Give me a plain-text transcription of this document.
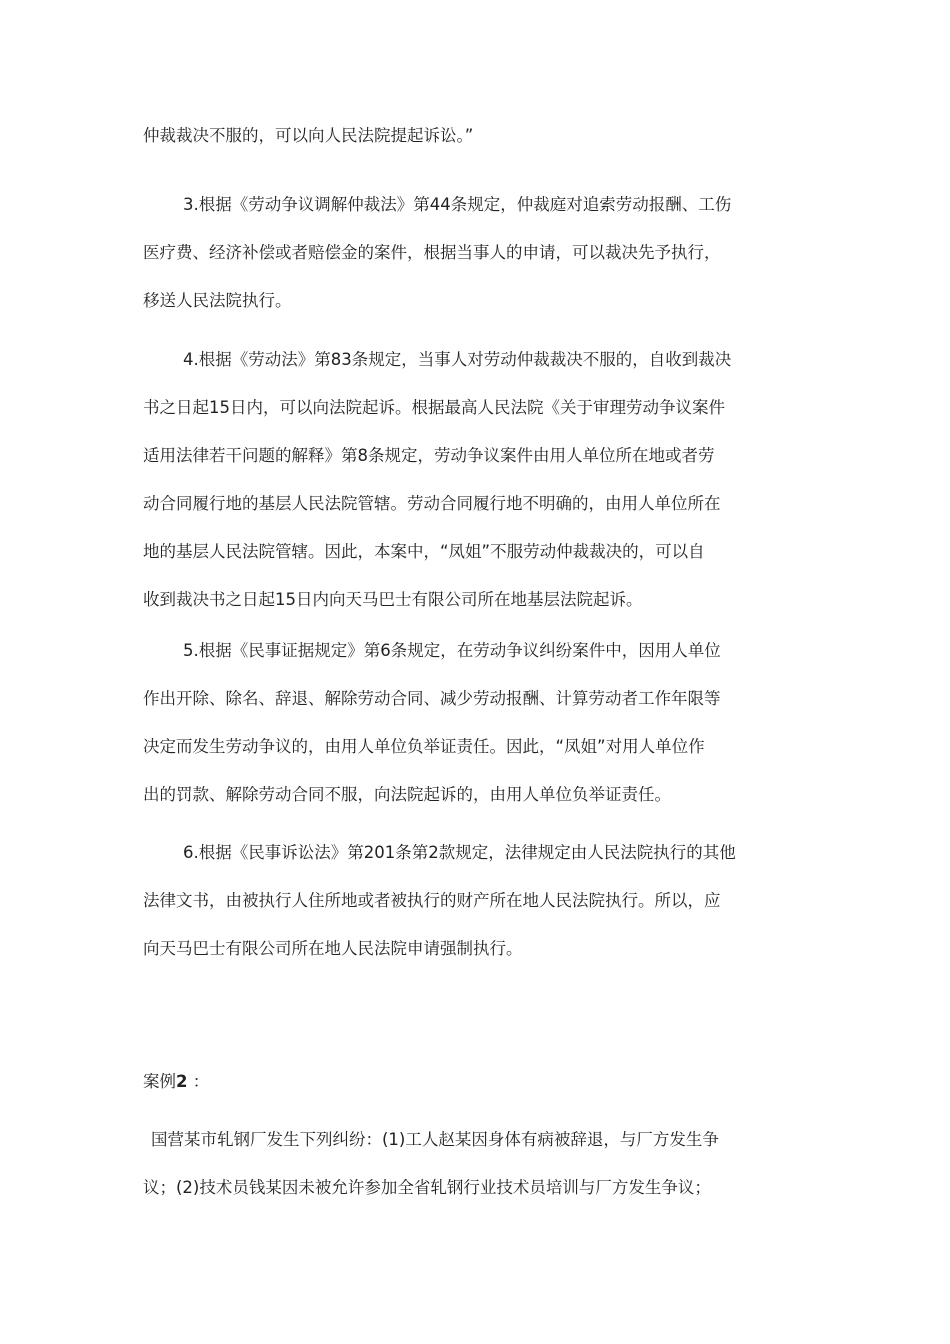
仲裁裁决不服的，可以向人民法院提起诉讼。”
3.根据《劳动争议调解仲裁法》第44条规定，仲裁庭对追索劳动报酬、工伤
医疗费、经济补偿或者赔偿金的案件，根据当事人的申请，可以裁决先予执行，
移送人民法院执行。
4.根据《劳动法》第83条规定，当事人对劳动仲裁裁决不服的，自收到裁决
书之日起15日内，可以向法院起诉。根据最高人民法院《关于审理劳动争议案件
适用法律若干问题的解释》第8条规定，劳动争议案件由用人单位所在地或者劳
动合同履行地的基层人民法院管辖。劳动合同履行地不明确的，由用人单位所在
地的基层人民法院管辖。因此，本案中，“凤姐”不服劳动仲裁裁决的，可以自
收到裁决书之日起15日内向天马巴士有限公司所在地基层法院起诉。
5.根据《民事证据规定》第6条规定，在劳动争议纠纷案件中，因用人单位
作出开除、除名、辞退、解除劳动合同、减少劳动报酬、计算劳动者工作年限等
决定而发生劳动争议的，由用人单位负举证责任。因此，“凤姐”对用人单位作
出的罚款、解除劳动合同不服，向法院起诉的，由用人单位负举证责任。
6.根据《民事诉讼法》第201条第2款规定，法律规定由人民法院执行的其他
法律文书，由被执行人住所地或者被执行的财产所在地人民法院执行。所以，应
向天马巴士有限公司所在地人民法院申请强制执行。
案例2 ：
国营某市轧钢厂发生下列纠纷：(1)工人赵某因身体有病被辞退，与厂方发生争
议；(2)技术员钱某因未被允许参加全省轧钢行业技术员培训与厂方发生争议；
